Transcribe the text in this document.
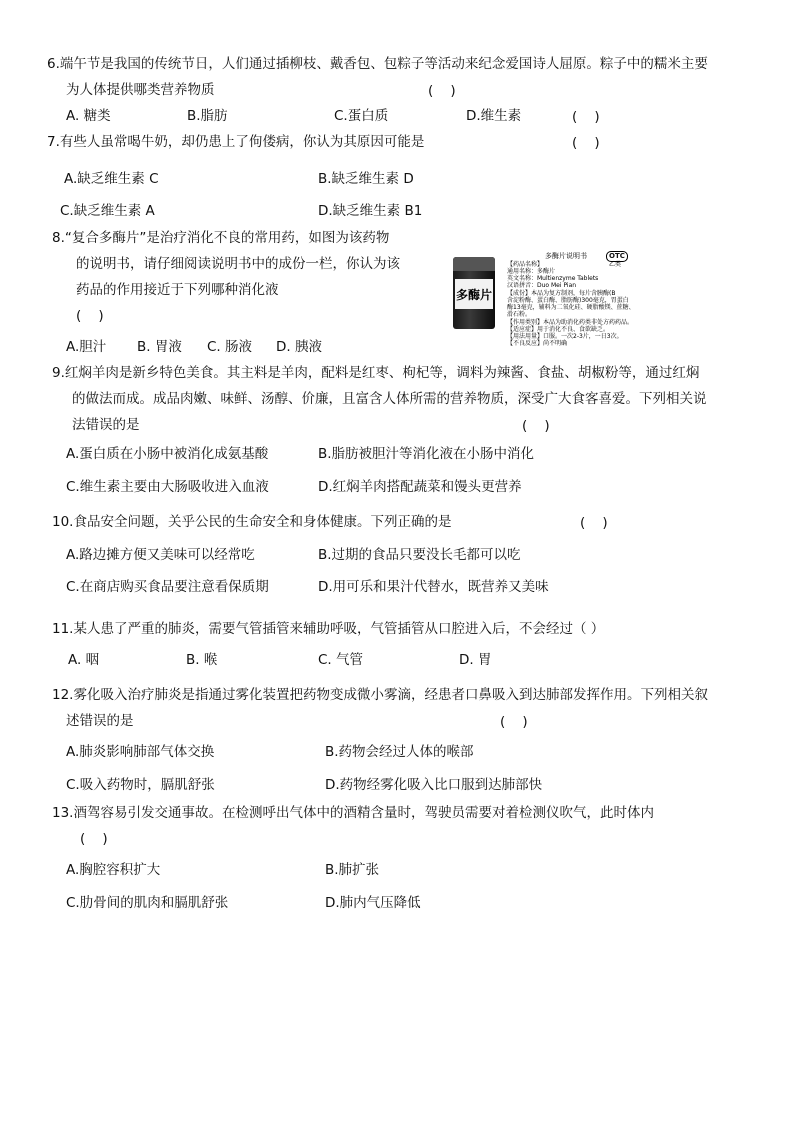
6.端午节是我国的传统节日，人们通过插柳枝、戴香包、包粽子等活动来纪念爱国诗人屈原。粽子中的糯米主要
为人体提供哪类营养物质	(    )
A. 糖类	B.脂肪	C.蛋白质	D.维生素	(    )
7.有些人虽常喝牛奶，却仍患上了佝偻病，你认为其原因可能是	(    )
A.缺乏维生素 C	B.缺乏维生素 D
C.缺乏维生素 A	D.缺乏维生素 B1
8.“复合多酶片”是治疗消化不良的常用药，如图为该药物
的说明书，请仔细阅读说明书中的成份一栏，你认为该
药品的作用接近于下列哪种消化液
(    )
A.胆汁 B. 胃液 C. 肠液 D. 胰液
多酶片
多酶片说明书	OTC
乙类
【药品名称】
通用名称：多酶片
英文名称：Multienzyme Tablets
汉语拼音：Duo Mei Pian
【成份】本品为复方制剂，每片含胰酶(B
含淀粉酶、蛋白酶、脂肪酶)300毫克，胃蛋白
酶13毫克，辅料为二氧化硅、硬脂酸镁、蔗糖、
滑石粉。
【作用类别】本品为助消化药类非处方药药品。
【适应症】用于消化不良、食欲缺乏。
【用法用量】口服。一次2-3片，一日3次。
【不良反应】尚不明确
9.红焖羊肉是新乡特色美食。其主料是羊肉，配料是红枣、枸杞等，调料为辣酱、食盐、胡椒粉等，通过红焖
的做法而成。成品肉嫩、味鲜、汤醇、价廉，且富含人体所需的营养物质，深受广大食客喜爱。下列相关说
法错误的是	(    )
A.蛋白质在小肠中被消化成氨基酸	B.脂肪被胆汁等消化液在小肠中消化
C.维生素主要由大肠吸收进入血液	D.红焖羊肉搭配蔬菜和馒头更营养
10.食品安全问题，关乎公民的生命安全和身体健康。下列正确的是	(    )
A.路边摊方便又美味可以经常吃	B.过期的食品只要没长毛都可以吃
C.在商店购买食品要注意看保质期	D.用可乐和果汁代替水，既营养又美味
11.某人患了严重的肺炎，需要气管插管来辅助呼吸，气管插管从口腔进入后，不会经过（ ）
A. 咽	B. 喉	C. 气管	D. 胃
12.雾化吸入治疗肺炎是指通过雾化装置把药物变成微小雾滴，经患者口鼻吸入到达肺部发挥作用。下列相关叙
述错误的是	(    )
A.肺炎影响肺部气体交换	B.药物会经过人体的喉部
C.吸入药物时，膈肌舒张	D.药物经雾化吸入比口服到达肺部快
13.酒驾容易引发交通事故。在检测呼出气体中的酒精含量时，驾驶员需要对着检测仪吹气，此时体内
(    )
A.胸腔容积扩大	B.肺扩张
C.肋骨间的肌肉和膈肌舒张	D.肺内气压降低
